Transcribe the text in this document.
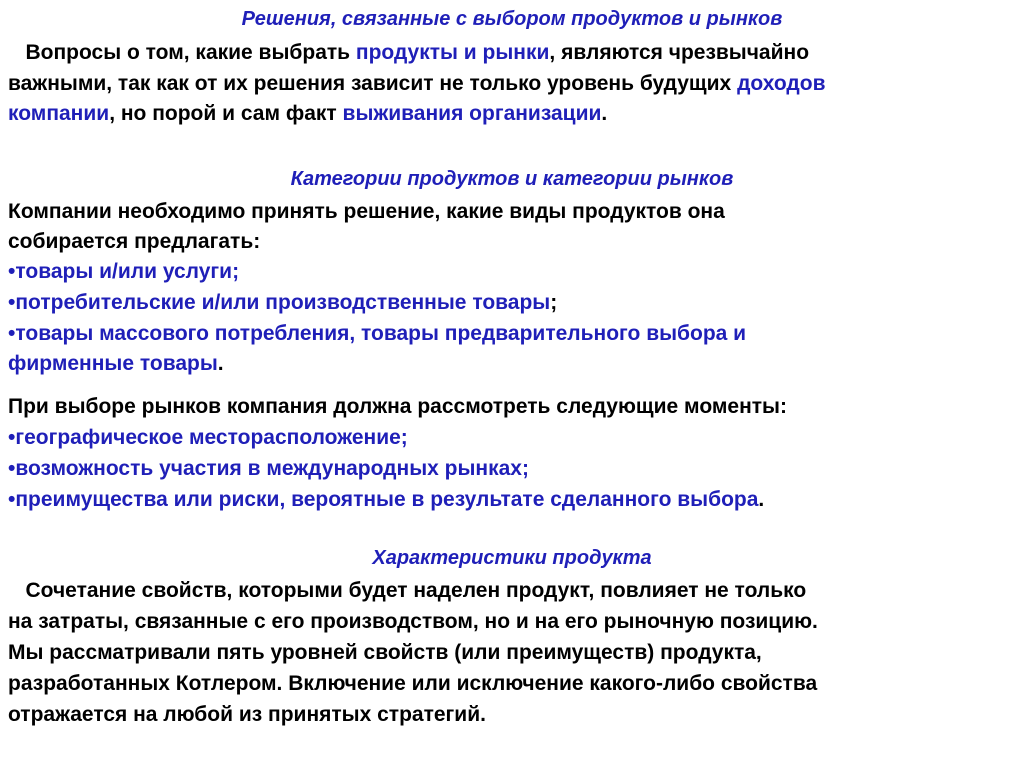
Решения, связанные с выбором продуктов и рынков
Вопросы о том, какие выбрать продукты и рынки, являются чрезвычайно
важными, так как от их решения зависит не только уровень будущих доходов
компании, но порой и сам факт выживания организации.
Категории продуктов и категории рынков
Компании необходимо принять решение, какие виды продуктов она
собирается предлагать:
•товары и/или услуги;
•потребительские и/или производственные товары;
•товары массового потребления, товары предварительного выбора и
фирменные товары.
При выборе рынков компания должна рассмотреть следующие моменты:
•географическое месторасположение;
•возможность участия в международных рынках;
•преимущества или риски, вероятные в результате сделанного выбора.
Характеристики продукта
Сочетание свойств, которыми будет наделен продукт, повлияет не только
на затраты, связанные с его производством, но и на его рыночную позицию.
Мы рассматривали пять уровней свойств (или преимуществ) продукта,
разработанных Котлером. Включение или исключение какого-либо свойства
отражается на любой из принятых стратегий.
